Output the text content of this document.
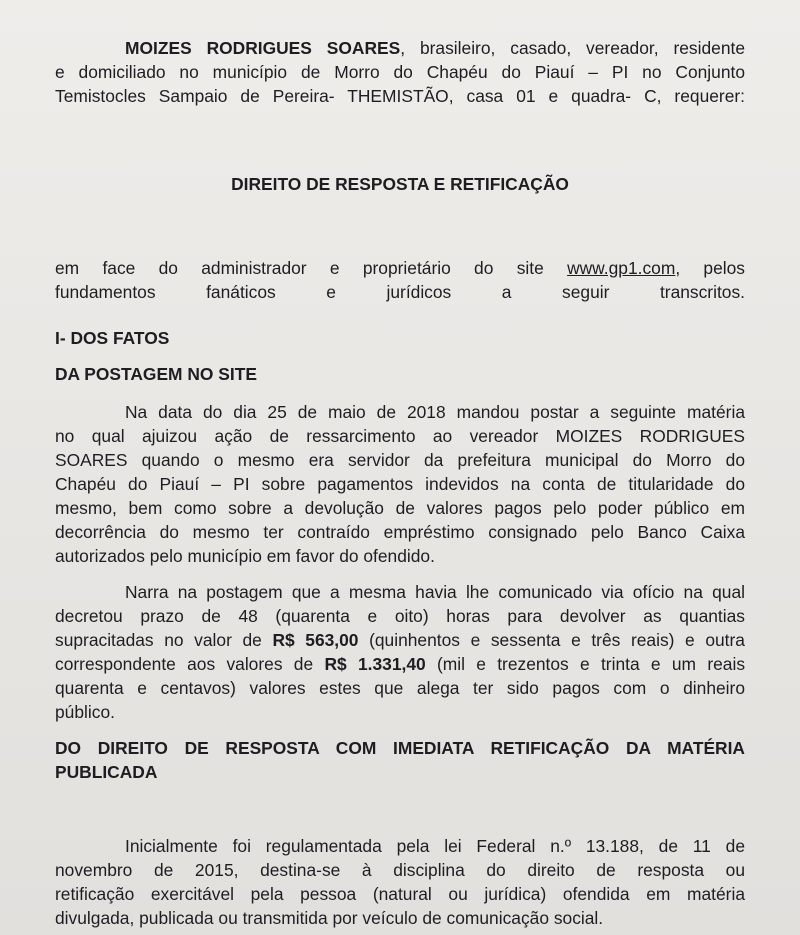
MOIZES RODRIGUES SOARES, brasileiro, casado, vereador, residente
e domiciliado no município de Morro do Chapéu do Piauí – PI no Conjunto
Temistocles Sampaio de Pereira- THEMISTÃO, casa 01 e quadra- C, requerer:
DIREITO DE RESPOSTA E RETIFICAÇÃO
em face do administrador e proprietário do site www.gp1.com, pelos
fundamentos fanáticos e jurídicos a seguir transcritos.
I- DOS FATOS
DA POSTAGEM NO SITE
Na data do dia 25 de maio de 2018 mandou postar a seguinte matéria
no qual ajuizou ação de ressarcimento ao vereador MOIZES RODRIGUES
SOARES quando o mesmo era servidor da prefeitura municipal do Morro do
Chapéu do Piauí – PI sobre pagamentos indevidos na conta de titularidade do
mesmo, bem como sobre a devolução de valores pagos pelo poder público em
decorrência do mesmo ter contraído empréstimo consignado pelo Banco Caixa
autorizados pelo município em favor do ofendido.
Narra na postagem que a mesma havia lhe comunicado via ofício na qual
decretou prazo de 48 (quarenta e oito) horas para devolver as quantias
supracitadas no valor de R$ 563,00 (quinhentos e sessenta e três reais) e outra
correspondente aos valores de R$ 1.331,40 (mil e trezentos e trinta e um reais
quarenta e centavos) valores estes que alega ter sido pagos com o dinheiro
público.
DO DIREITO DE RESPOSTA COM IMEDIATA RETIFICAÇÃO DA MATÉRIA
PUBLICADA
Inicialmente foi regulamentada pela lei Federal n.º 13.188, de 11 de
novembro de 2015, destina-se à disciplina do direito de resposta ou
retificação exercitável pela pessoa (natural ou jurídica) ofendida em matéria
divulgada, publicada ou transmitida por veículo de comunicação social.
